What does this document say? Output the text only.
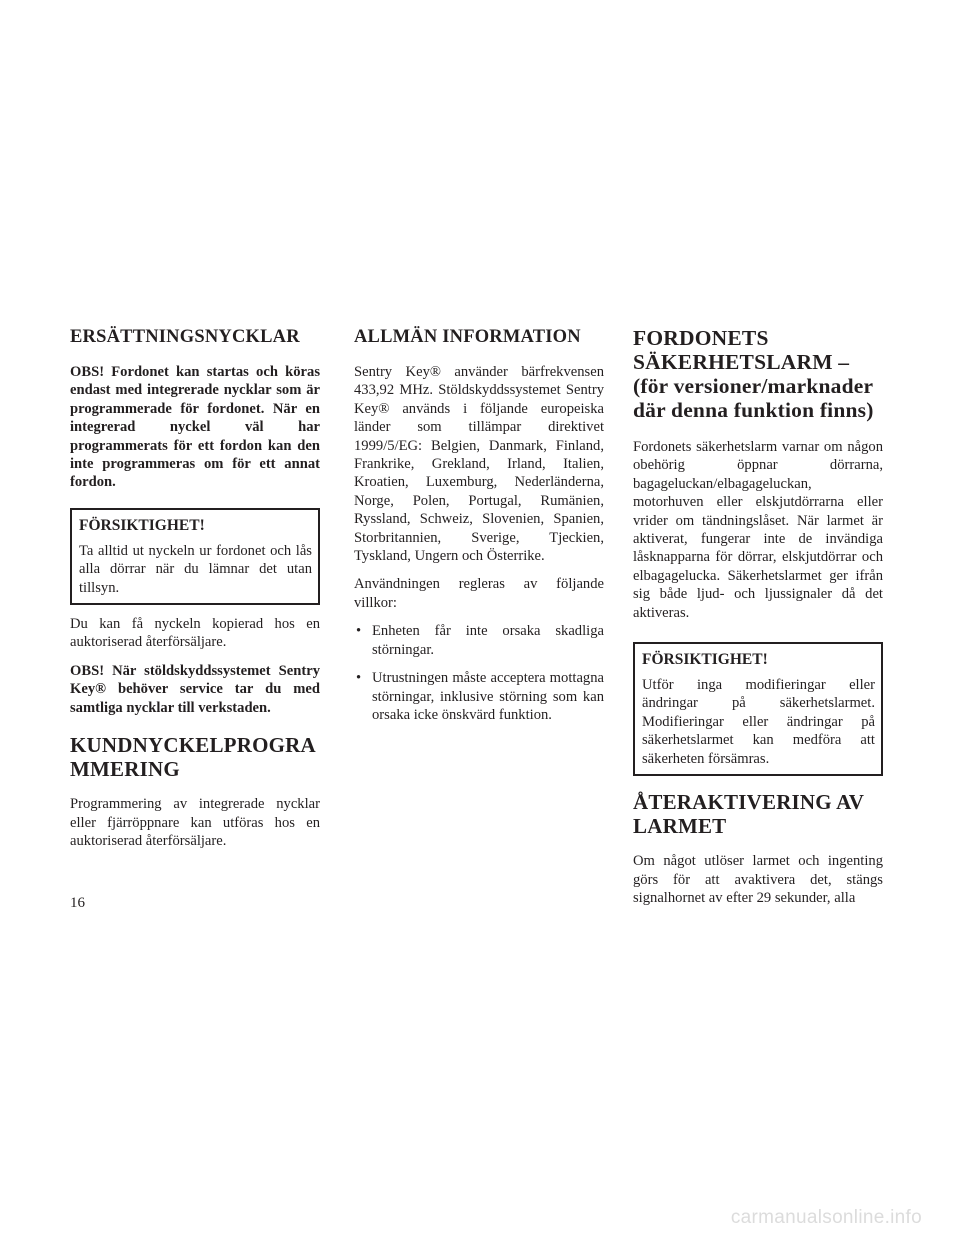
ERSÄTTNINGSNYCKLAR

OBS! Fordonet kan startas och köras endast med integrerade nycklar som är programmerade för fordonet. När en integrerad nyckel väl har programmerats för ett fordon kan den inte programmeras om för ett annat fordon.

FÖRSIKTIGHET!

Ta alltid ut nyckeln ur fordonet och lås alla dörrar när du lämnar det utan tillsyn.

Du kan få nyckeln kopierad hos en auktoriserad återförsäljare.

OBS! När stöldskyddssystemet Sentry Key® behöver service tar du med samtliga nycklar till verkstaden.

KUNDNYCKELPROGRAMMERING

Programmering av integrerade nycklar eller fjärröppnare kan utföras hos en auktoriserad återförsäljare.

ALLMÄN INFORMATION

Sentry Key® använder bärfrekvensen 433,92 MHz. Stöldskyddssystemet Sentry Key® används i följande europeiska länder som tillämpar direktivet 1999/5/EG: Belgien, Danmark, Finland, Frankrike, Grekland, Irland, Italien, Kroatien, Luxemburg, Nederländerna, Norge, Polen, Portugal, Rumänien, Ryssland, Schweiz, Slovenien, Spanien, Storbritannien, Sverige, Tjeckien, Tyskland, Ungern och Österrike.

Användningen regleras av följande villkor:

• Enheten får inte orsaka skadliga störningar.
• Utrustningen måste acceptera mottagna störningar, inklusive störning som kan orsaka icke önskvärd funktion.
FORDONETS SÄKERHETSLARM – (för versioner/marknader där denna funktion finns)

Fordonets säkerhetslarm varnar om någon obehörig öppnar dörrarna, bagageluckan/elbagageluckan, motorhuven eller elskjutdörrarna eller vrider om tändningslåset. När larmet är aktiverat, fungerar inte de invändiga låsknapparna för dörrar, elskjutdörrar och elbagagelucka. Säkerhetslarmet ger ifrån sig både ljud- och ljussignaler då det aktiveras.

FÖRSIKTIGHET!

Utför inga modifieringar eller ändringar på säkerhetslarmet. Modifieringar eller ändringar på säkerhetslarmet kan medföra att säkerheten försämras.

ÅTERAKTIVERING AV LARMET

Om något utlöser larmet och ingenting görs för att avaktivera det, stängs signalhornet av efter 29 sekunder, alla

16
carmanualsonline.info
